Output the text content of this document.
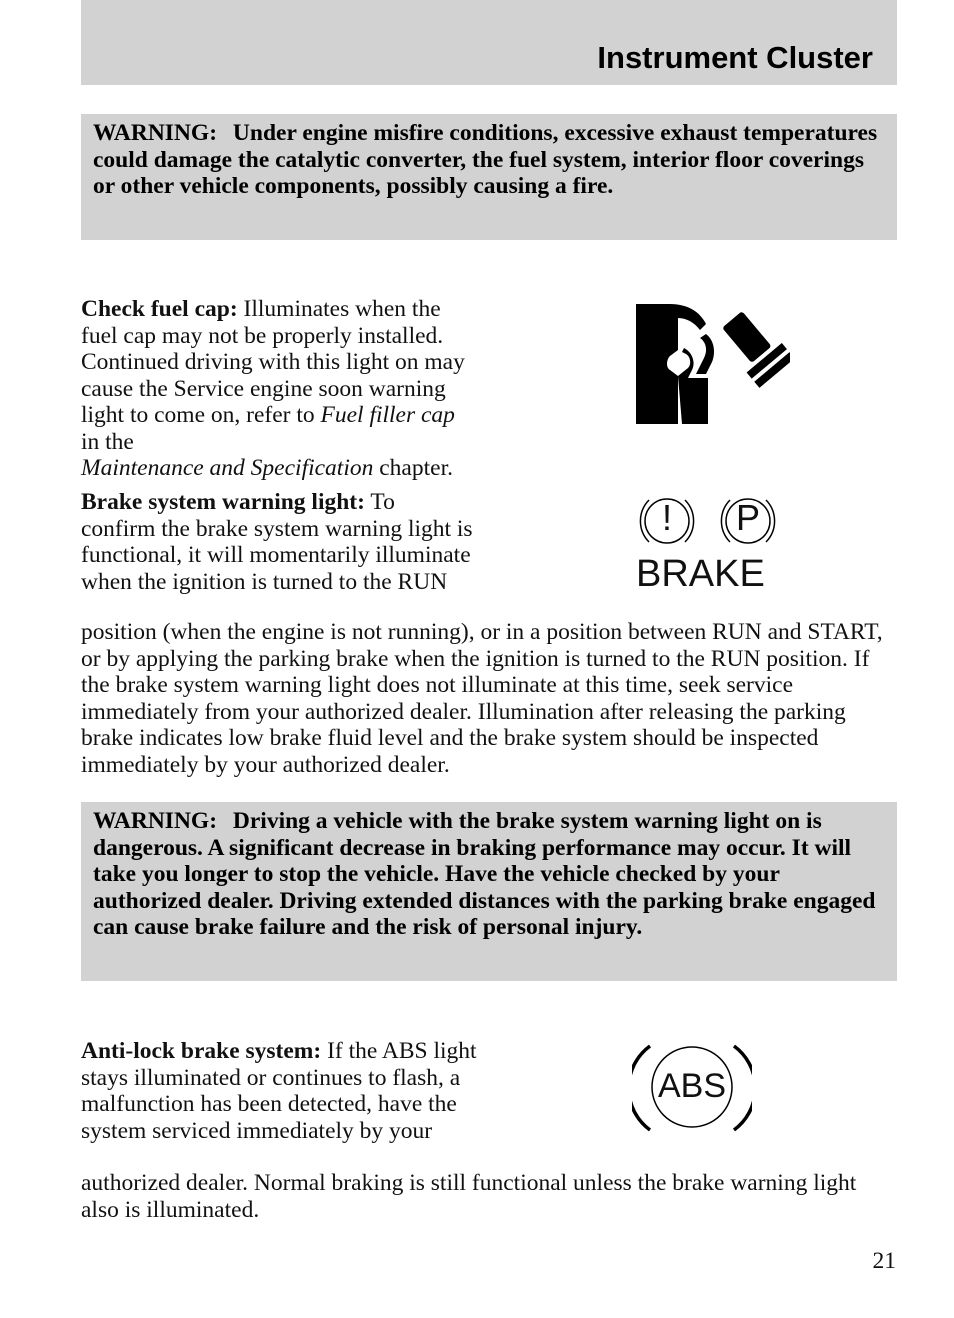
Instrument Cluster
WARNING: Under engine misfire conditions, excessive exhaust temperatures could damage the catalytic converter, the fuel system, interior floor coverings or other vehicle components, possibly causing a fire.
Check fuel cap: Illuminates when the fuel cap may not be properly installed. Continued driving with this light on may cause the Service engine soon warning light to come on, refer to Fuel filler cap in the Maintenance and Specification chapter.
Brake system warning light: To confirm the brake system warning light is functional, it will momentarily illuminate when the ignition is turned to the RUN
position (when the engine is not running), or in a position between RUN and START, or by applying the parking brake when the ignition is turned to the RUN position. If the brake system warning light does not illuminate at this time, seek service immediately from your authorized dealer. Illumination after releasing the parking brake indicates low brake fluid level and the brake system should be inspected immediately by your authorized dealer.
! P
BRAKE
WARNING: Driving a vehicle with the brake system warning light on is dangerous. A significant decrease in braking performance may occur. It will take you longer to stop the vehicle. Have the vehicle checked by your authorized dealer. Driving extended distances with the parking brake engaged can cause brake failure and the risk of personal injury.
Anti-lock brake system: If the ABS light stays illuminated or continues to flash, a malfunction has been detected, have the system serviced immediately by your
authorized dealer. Normal braking is still functional unless the brake warning light also is illuminated.
ABS
21
